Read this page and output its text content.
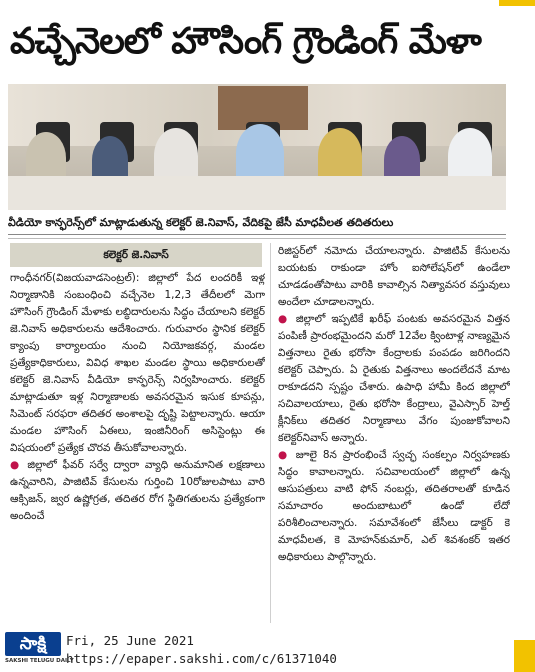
వచ్చేనెలలో హౌసింగ్ గ్రౌండింగ్ మేళా
వీడియో కాన్ఫరెన్స్‌లో మాట్లాడుతున్న కలెక్టర్ జె.నివాస్, వేదికపై జేసీ మాధవీలత తదితరులు
కలెక్టర్ జె.నివాస్

గాంధీనగర్(విజయవాడసెంట్రల్): జిల్లాలో పేద లందరికీ ఇళ్ల నిర్మాణానికి సంబంధించి వచ్చేనెల 1,2,3 తేదీలలో మెగా హౌసింగ్ గ్రౌండింగ్ మేళాకు లబ్ధిదారులను సిద్ధం చేయాలని కలెక్టర్ జె.నివాస్ అధికారులను ఆదేశించారు. గురువారం స్థానిక కలెక్టర్ క్యాంపు కార్యాలయం నుంచి నియోజకవర్గ, మండల ప్రత్యేకాధికారులు, వివిధ శాఖల మండల స్థాయి అధికారులతో కలెక్టర్ జె.నివాస్ వీడియో కాన్ఫరెన్స్ నిర్వహించారు. కలెక్టర్ మాట్లాడుతూ ఇళ్ల నిర్మాణాలకు అవసరమైన ఇసుక కూపన్లు, సిమెంట్ సరఫరా తదితర అంశాలపై దృష్టి పెట్టాలన్నారు. ఆయా మండల హౌసింగ్ ఏఈలు, ఇంజినీరింగ్ అసిస్టెంట్లు ఈ విషయంలో ప్రత్యేక చొరవ తీసుకోవాలన్నారు.

● జిల్లాలో ఫీవర్ సర్వే ద్వారా వ్యాధి అనుమానిత లక్షణాలు ఉన్నవారిని, పాజిటివ్ కేసులను గుర్తించి 10రోజులపాటు వారి ఆక్సిజన్, జ్వర ఉష్ణోగ్రత, తదితర రోగ స్థితిగతులను ప్రత్యేకంగా అందించే

రిజిస్టర్‌లో నమోదు చేయాలన్నారు. పాజిటివ్ కేసులను బయటకు రాకుండా హోం ఐసోలేషన్‌లో ఉండేలా చూడడంతోపాటు వారికి కావాల్సిన నిత్యావసర వస్తువులు అందేలా చూడాలన్నారు.

● జిల్లాలో ఇప్పటికే ఖరీఫ్ పంటకు అవసరమైన విత్తన పంపిణీ ప్రారంభమైందని మరో 12వేల క్వింటాళ్ల నాణ్యమైన విత్తనాలు రైతు భరోసా కేంద్రాలకు పంపడం జరిగిందని కలెక్టర్ చెప్పారు. ఏ రైతుకు విత్తనాలు అందలేదనే మాట రాకూడదని స్పష్టం చేశారు. ఉపాధి హామీ కింద జిల్లాలో సచివాలయాలు, రైతు భరోసా కేంద్రాలు, వైఎస్సార్ హెల్త్ క్లీనిక్‌లు తదితర నిర్మాణాలు వేగం పుంజుకోవాలని కలెక్టర్‌నివాస్ అన్నారు.

● జూలై 8న ప్రారంభించే స్వచ్ఛ సంకల్పం నిర్వహణకు సిద్ధం కావాలన్నారు. సచివాలయంలో జిల్లాలో ఉన్న ఆసుపత్రులు వాటి ఫోన్ నంబర్లు, తదితరాలతో కూడిన సమాచారం అందుబాటులో ఉండో లేదో పరిశీలించాలన్నారు. సమావేశంలో జేసీలు డాక్టర్ కె మాధవీలత, కె మోహన్‌కుమార్, ఎల్ శివశంకర్ ఇతర అధికారులు పాల్గొన్నారు.

సాక్షి
SAKSHI TELUGU DAILY
Fri, 25 June 2021
https://epaper.sakshi.com/c/61371040
